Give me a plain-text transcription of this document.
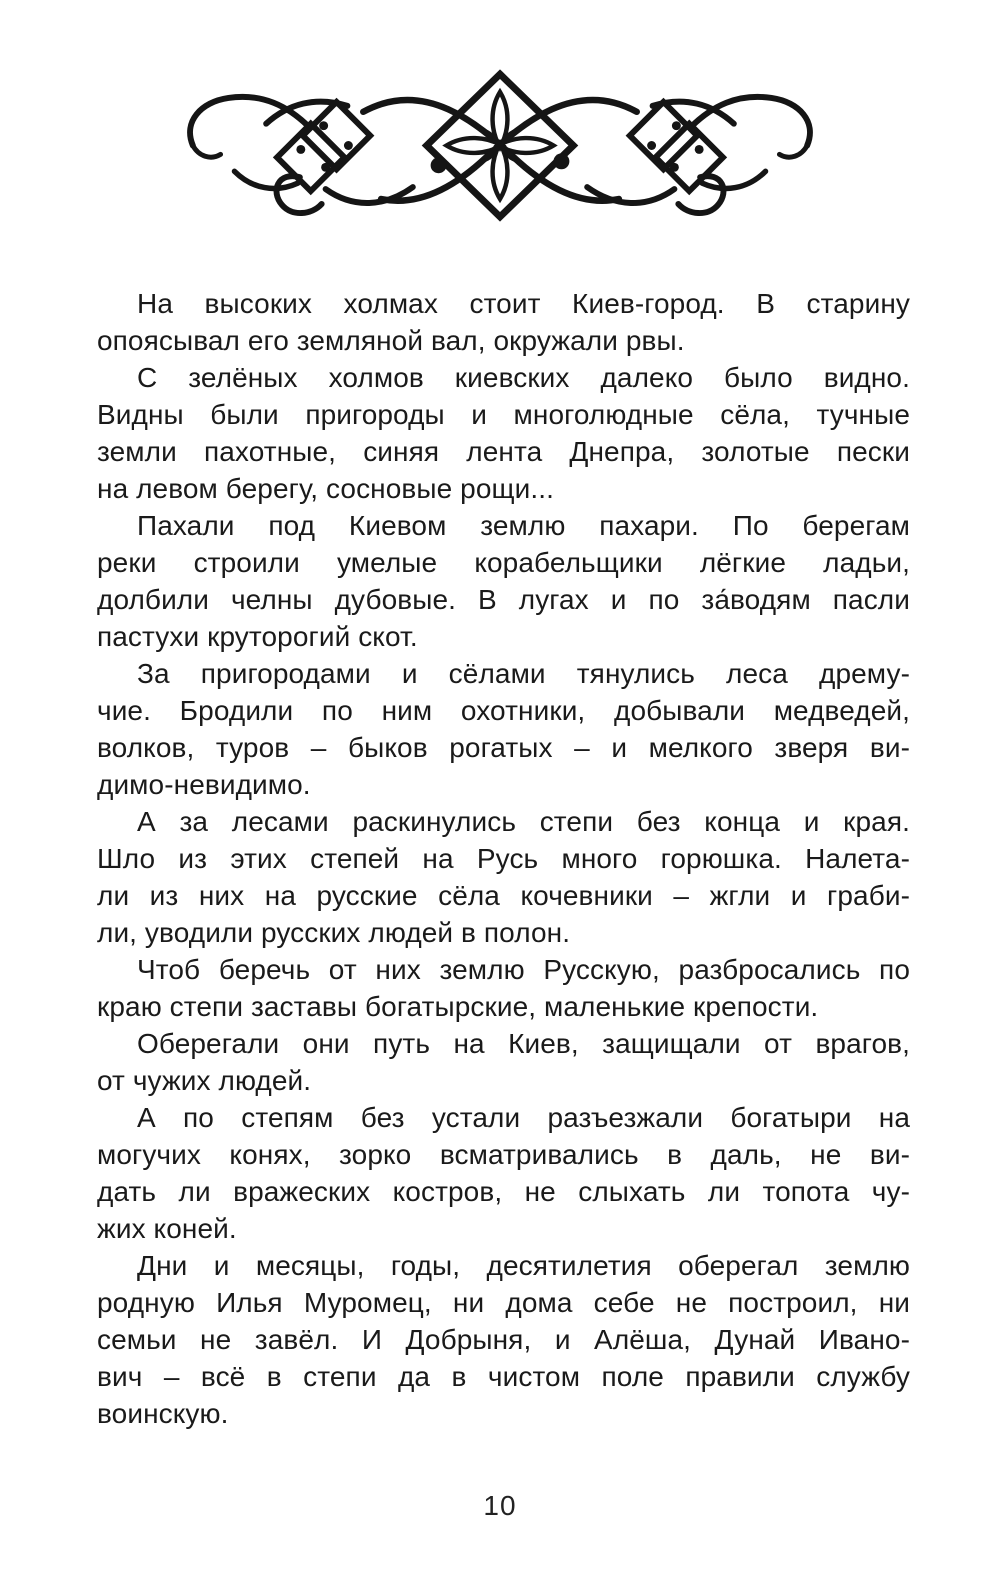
На высоких холмах стоит Киев-город. В старину
опоясывал его земляной вал, окружали рвы.

С зелёных холмов киевских далеко было видно.
Видны были пригороды и многолюдные сёла, тучные
земли пахотные, синяя лента Днепра, золотые пески
на левом берегу, сосновые рощи...

Пахали под Киевом землю пахари. По берегам
реки строили умелые корабельщики лёгкие ладьи,
долбили челны дубовые. В лугах и по за́водям пасли
пастухи круторогий скот.

За пригородами и сёлами тянулись леса дрему-
чие. Бродили по ним охотники, добывали медведей,
волков, туров – быков рогатых – и мелкого зверя ви-
димо-невидимо.

А за лесами раскинулись степи без конца и края.
Шло из этих степей на Русь много горюшка. Налета-
ли из них на русские сёла кочевники – жгли и граби-
ли, уводили русских людей в полон.

Чтоб беречь от них землю Русскую, разбросались по
краю степи заставы богатырские, маленькие крепости.

Оберегали они путь на Киев, защищали от врагов,
от чужих людей.

А по степям без устали разъезжали богатыри на
могучих конях, зорко всматривались в даль, не ви-
дать ли вражеских костров, не слыхать ли топота чу-
жих коней.

Дни и месяцы, годы, десятилетия оберегал землю
родную Илья Муромец, ни дома себе не построил, ни
семьи не завёл. И Добрыня, и Алёша, Дунай Ивано-
вич – всё в степи да в чистом поле правили службу
воинскую.

10
